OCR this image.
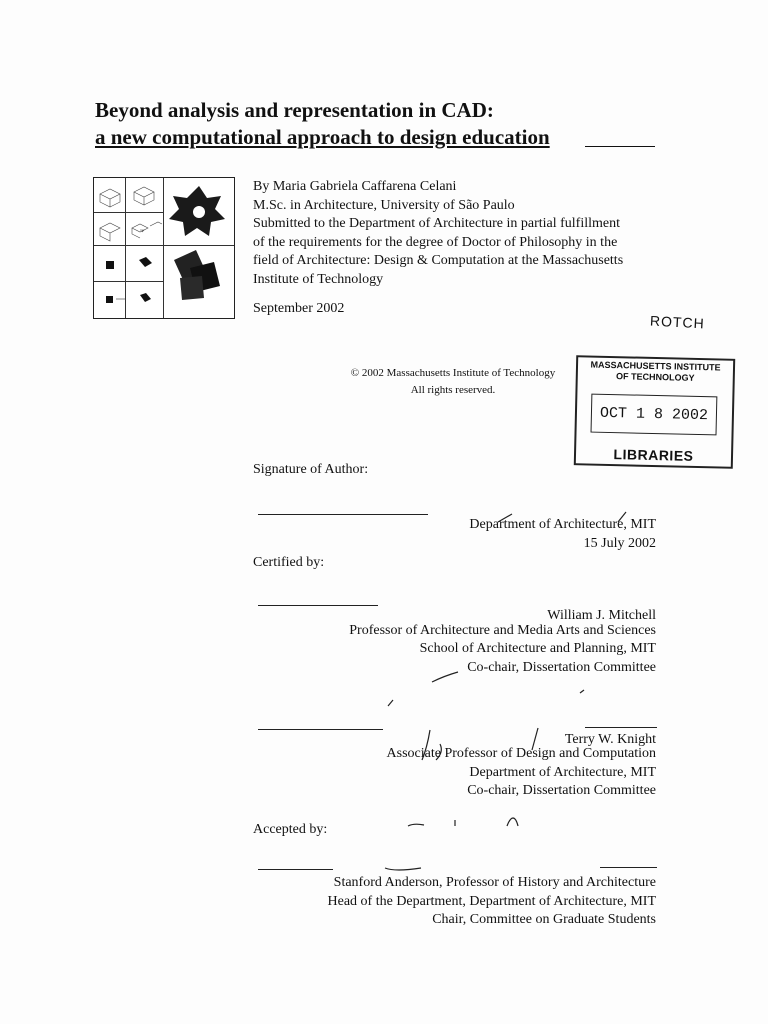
Beyond analysis and representation in CAD:
a new computational approach to design education
By Maria Gabriela Caffarena Celani
M.Sc. in Architecture, University of São Paulo
Submitted to the Department of Architecture in partial fulfillment
of the requirements for the degree of Doctor of Philosophy in the
field of Architecture: Design & Computation at the Massachusetts
Institute of Technology
September 2002
ROTCH
© 2002 Massachusetts Institute of Technology
All rights reserved.
MASSACHUSETTS INSTITUTE
OF TECHNOLOGY
OCT 1 8 2002
LIBRARIES
Signature of Author:
Department of Architecture, MIT
15 July 2002
Certified by:
William J. Mitchell
Professor of Architecture and Media Arts and Sciences
School of Architecture and Planning, MIT
Co-chair, Dissertation Committee
Terry W. Knight
Associate Professor of Design and Computation
Department of Architecture, MIT
Co-chair, Dissertation Committee
Accepted by:
Stanford Anderson, Professor of History and Architecture
Head of the Department, Department of Architecture, MIT
Chair, Committee on Graduate Students
